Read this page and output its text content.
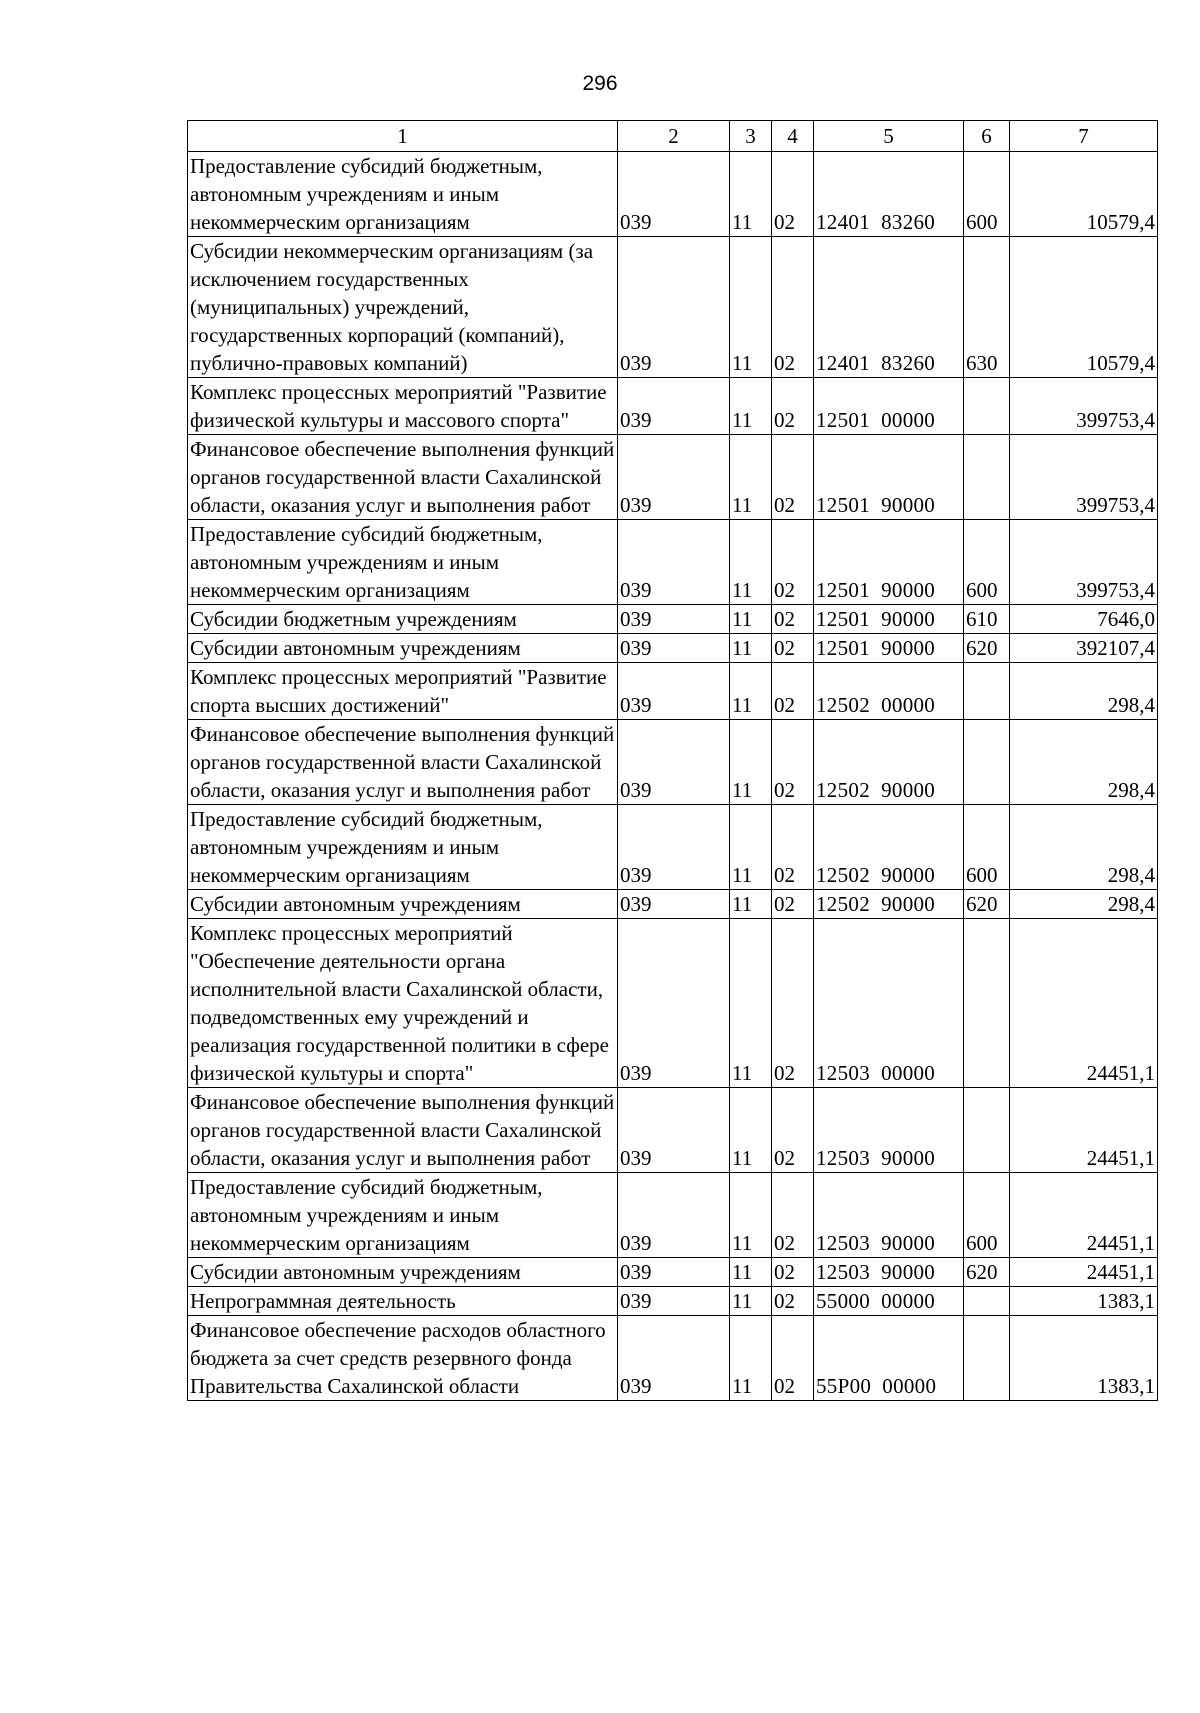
296
1	2	3	4	5	6	7
Предоставление субсидий бюджетным, автономным учреждениям и иным некоммерческим организациям	039	11	02	12401  83260	600	10579,4
Субсидии некоммерческим организациям (за исключением государственных (муниципальных) учреждений, государственных корпораций (компаний), публично-правовых компаний)	039	11	02	12401  83260	630	10579,4
Комплекс процессных мероприятий "Развитие физической культуры и массового спорта"	039	11	02	12501  00000		399753,4
Финансовое обеспечение выполнения функций органов государственной власти Сахалинской области, оказания услуг и выполнения работ	039	11	02	12501  90000		399753,4
Предоставление субсидий бюджетным, автономным учреждениям и иным некоммерческим организациям	039	11	02	12501  90000	600	399753,4
Субсидии бюджетным учреждениям	039	11	02	12501  90000	610	7646,0
Субсидии автономным учреждениям	039	11	02	12501  90000	620	392107,4
Комплекс процессных мероприятий "Развитие спорта высших достижений"	039	11	02	12502  00000		298,4
Финансовое обеспечение выполнения функций органов государственной власти Сахалинской области, оказания услуг и выполнения работ	039	11	02	12502  90000		298,4
Предоставление субсидий бюджетным, автономным учреждениям и иным некоммерческим организациям	039	11	02	12502  90000	600	298,4
Субсидии автономным учреждениям	039	11	02	12502  90000	620	298,4
Комплекс процессных мероприятий "Обеспечение деятельности органа исполнительной власти Сахалинской области, подведомственных ему учреждений и реализация государственной политики в сфере физической культуры и спорта"	039	11	02	12503  00000		24451,1
Финансовое обеспечение выполнения функций органов государственной власти Сахалинской области, оказания услуг и выполнения работ	039	11	02	12503  90000		24451,1
Предоставление субсидий бюджетным, автономным учреждениям и иным некоммерческим организациям	039	11	02	12503  90000	600	24451,1
Субсидии автономным учреждениям	039	11	02	12503  90000	620	24451,1
Непрограммная деятельность	039	11	02	55000  00000		1383,1
Финансовое обеспечение расходов областного бюджета за счет средств резервного фонда Правительства Сахалинской области	039	11	02	55Р00  00000		1383,1
